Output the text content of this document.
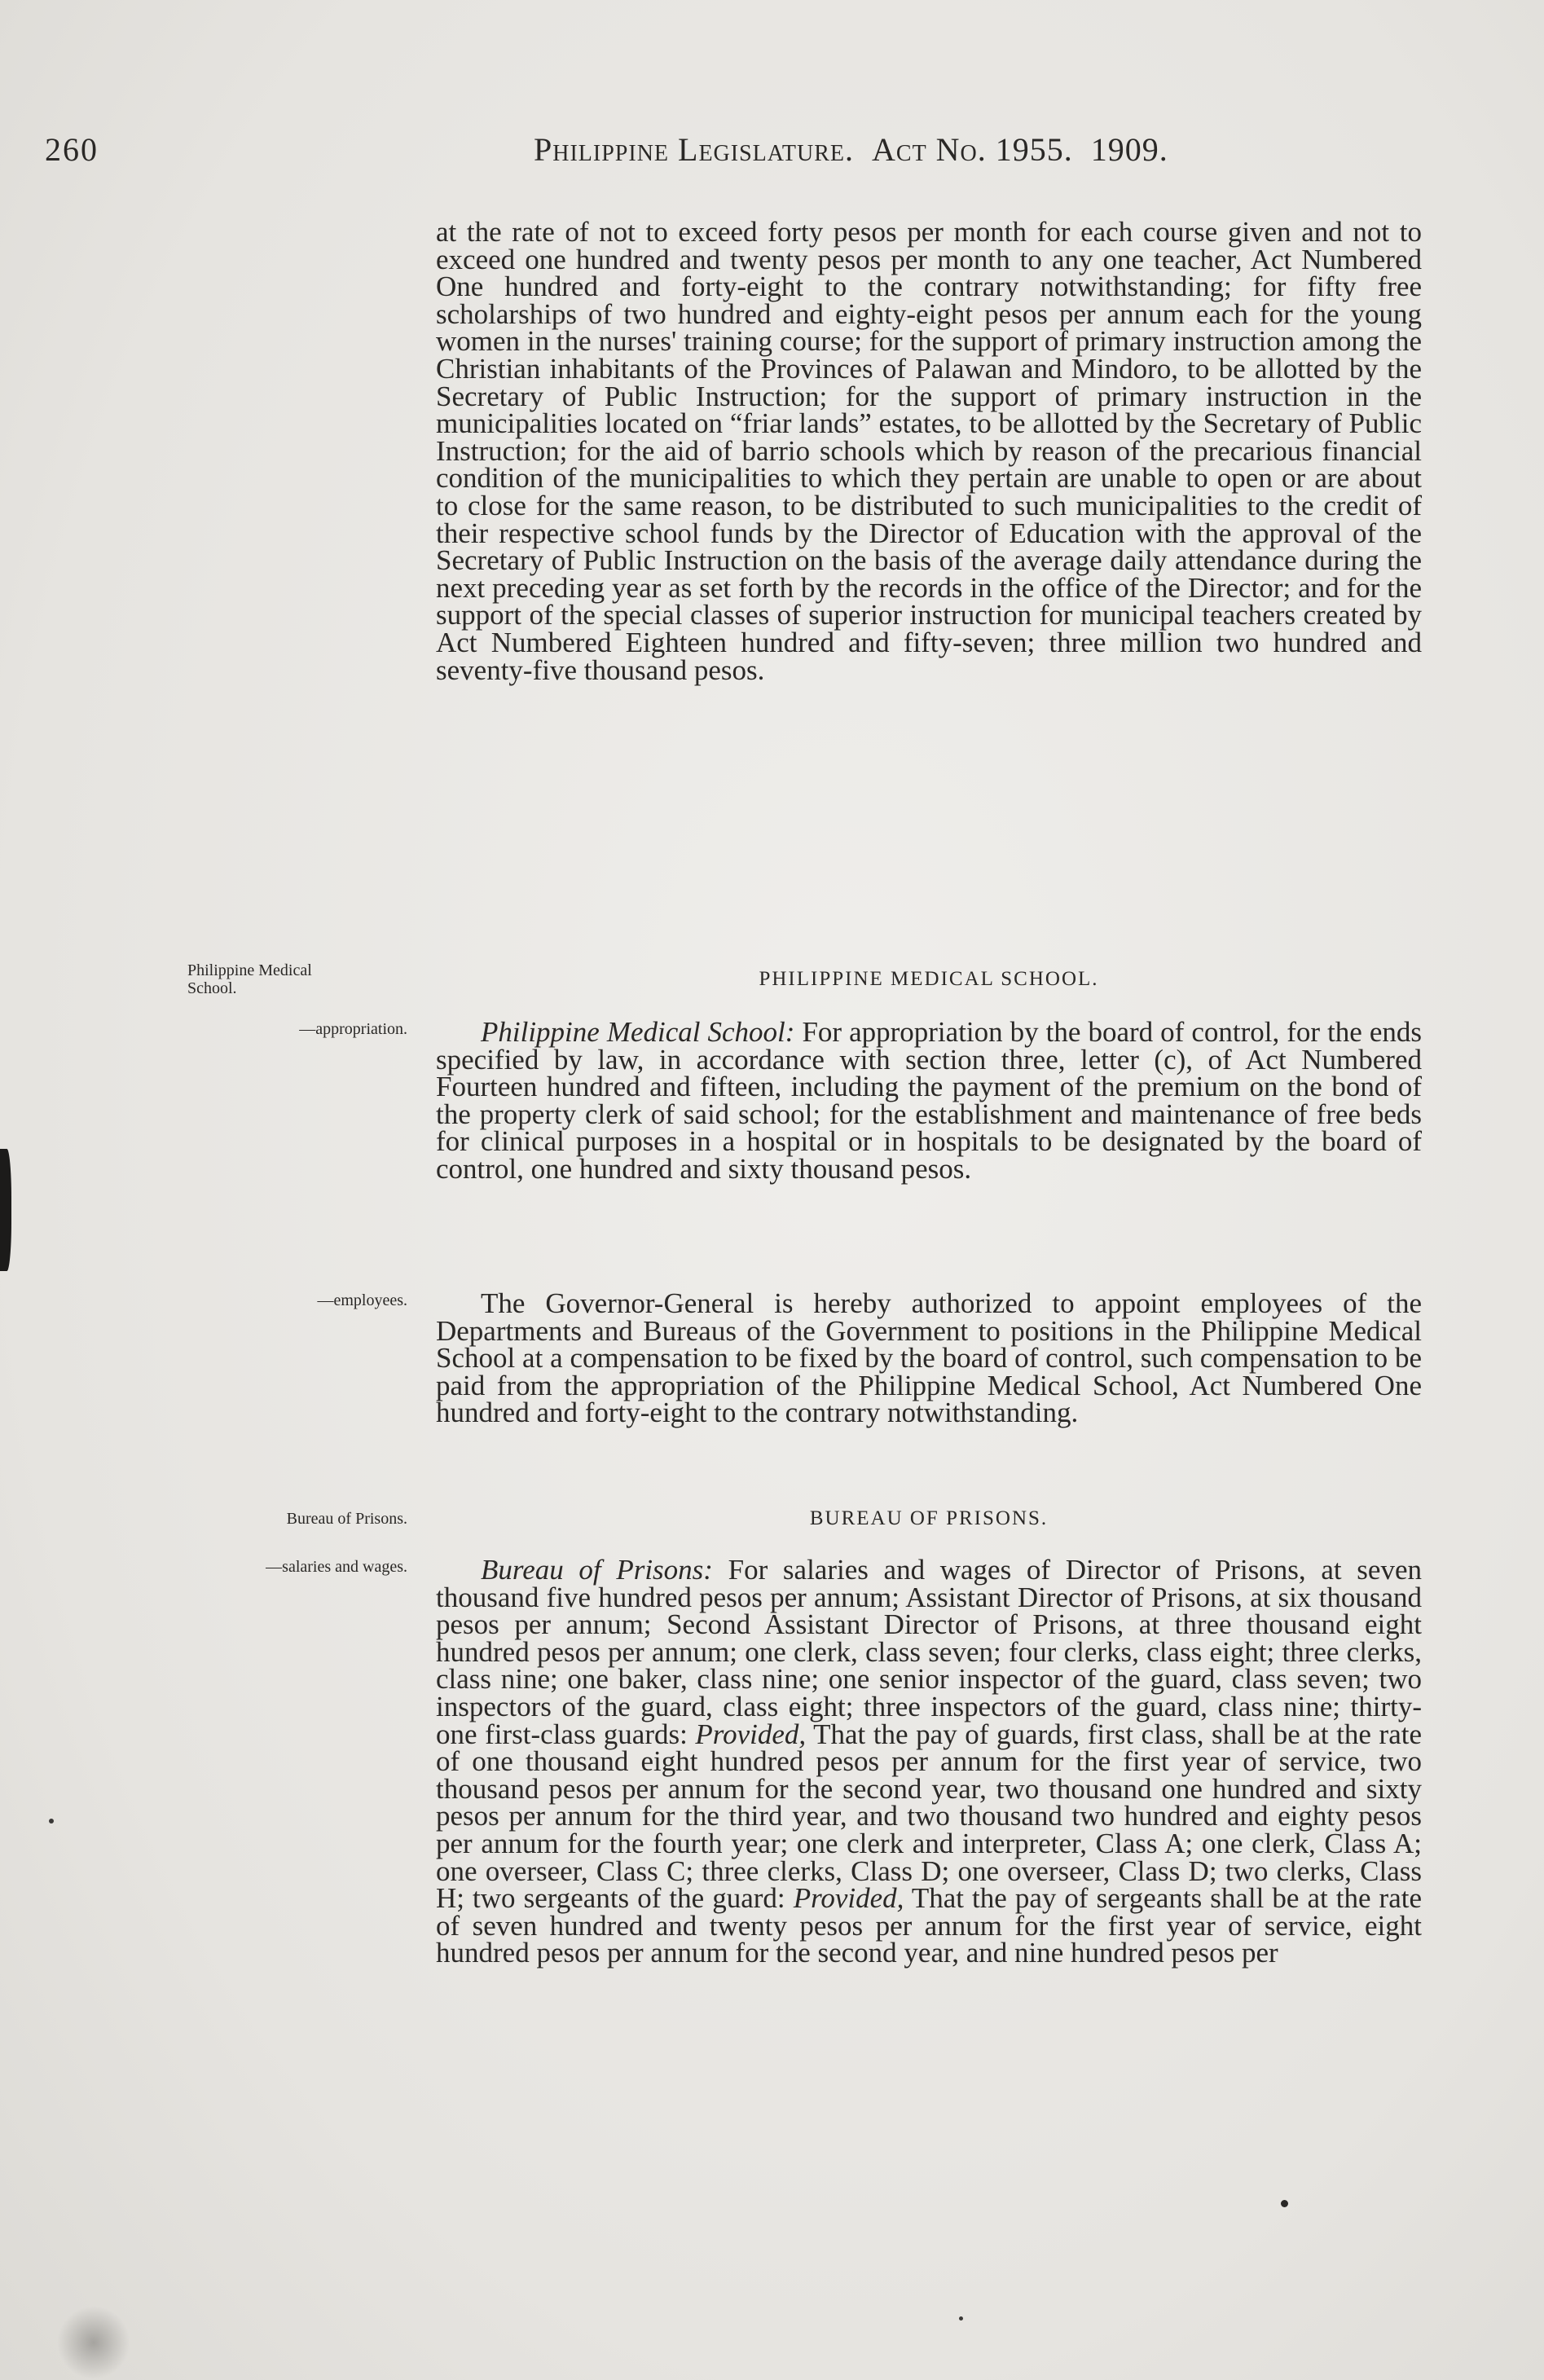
260	Philippine Legislature. Act No. 1955. 1909.

at the rate of not to exceed forty pesos per month for each course given and not to exceed one hundred and twenty pesos per month to any one teacher, Act Numbered One hundred and forty-eight to the contrary notwithstanding; for fifty free scholarships of two hundred and eighty-eight pesos per annum each for the young women in the nurses' training course; for the support of primary instruction among the Christian inhabitants of the Provinces of Palawan and Mindoro, to be allotted by the Secretary of Public Instruction; for the support of primary instruction in the municipalities located on “friar lands” estates, to be allotted by the Secretary of Public Instruction; for the aid of barrio schools which by reason of the precarious financial condition of the municipalities to which they pertain are unable to open or are about to close for the same reason, to be distributed to such municipalities to the credit of their respective school funds by the Director of Education with the approval of the Secretary of Public Instruction on the basis of the average daily attendance during the next preceding year as set forth by the records in the office of the Director; and for the support of the special classes of superior instruction for municipal teachers created by Act Numbered Eighteen hundred and fifty-seven; three million two hundred and seventy-five thousand pesos.

Philippine Medical
School.	PHILIPPINE MEDICAL SCHOOL.

—appropriation.	Philippine Medical School: For appropriation by the board of control, for the ends specified by law, in accordance with section three, letter (c), of Act Numbered Fourteen hundred and fifteen, including the payment of the premium on the bond of the property clerk of said school; for the establishment and maintenance of free beds for clinical purposes in a hospital or in hospitals to be designated by the board of control, one hundred and sixty thousand pesos.

—employees.	The Governor-General is hereby authorized to appoint employees of the Departments and Bureaus of the Government to positions in the Philippine Medical School at a compensation to be fixed by the board of control, such compensation to be paid from the appropriation of the Philippine Medical School, Act Numbered One hundred and forty-eight to the contrary notwithstanding.

Bureau of Prisons.	BUREAU OF PRISONS.

—salaries and wages.	Bureau of Prisons: For salaries and wages of Director of Prisons, at seven thousand five hundred pesos per annum; Assistant Director of Prisons, at six thousand pesos per annum; Second Assistant Director of Prisons, at three thousand eight hundred pesos per annum; one clerk, class seven; four clerks, class eight; three clerks, class nine; one baker, class nine; one senior inspector of the guard, class seven; two inspectors of the guard, class eight; three inspectors of the guard, class nine; thirty-one first-class guards: Provided, That the pay of guards, first class, shall be at the rate of one thousand eight hundred pesos per annum for the first year of service, two thousand pesos per annum for the second year, two thousand one hundred and sixty pesos per annum for the third year, and two thousand two hundred and eighty pesos per annum for the fourth year; one clerk and interpreter, Class A; one clerk, Class A; one overseer, Class C; three clerks, Class D; one overseer, Class D; two clerks, Class H; two sergeants of the guard: Provided, That the pay of sergeants shall be at the rate of seven hundred and twenty pesos per annum for the first year of service, eight hundred pesos per annum for the second year, and nine hundred pesos per
